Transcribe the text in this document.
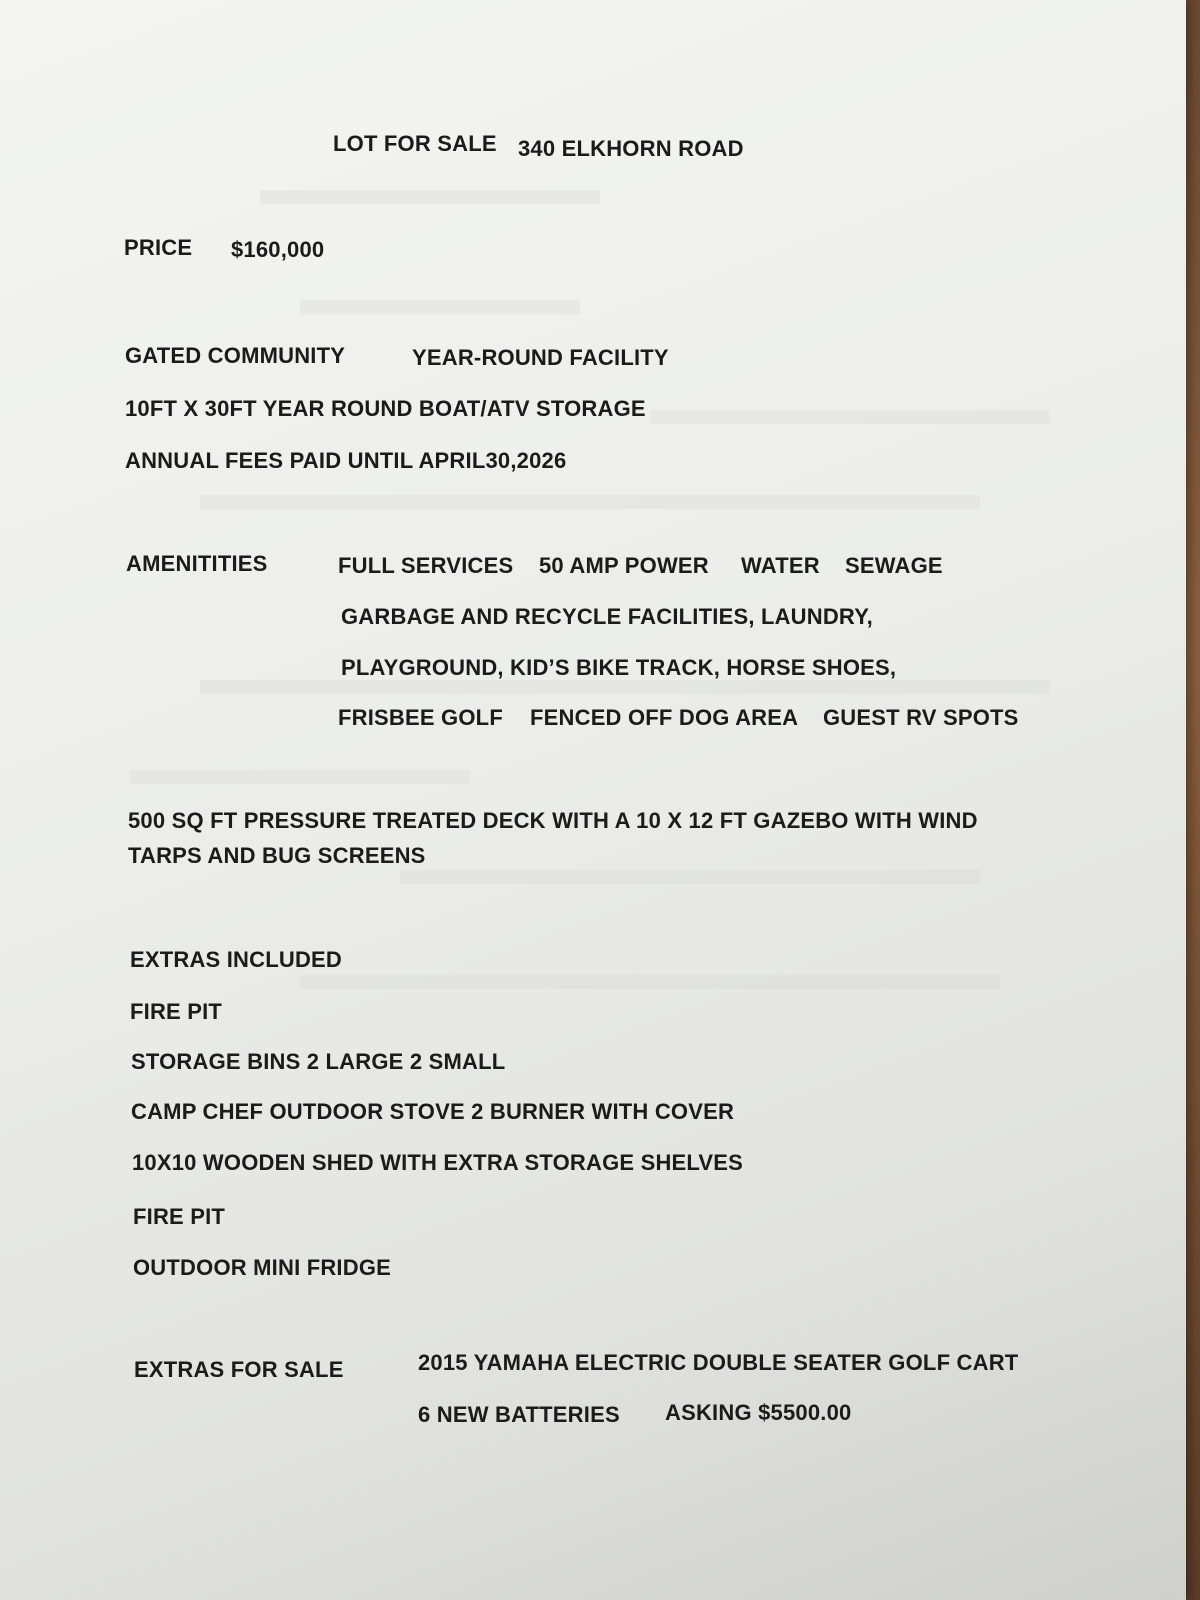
LOT FOR SALE 340 ELKHORN ROAD

PRICE $160,000

GATED COMMUNITY	YEAR-ROUND FACILITY

10FT X 30FT YEAR ROUND BOAT/ATV STORAGE

ANNUAL FEES PAID UNTIL APRIL30,2026

AMENITITIES	FULL SERVICES 50 AMP POWER WATER SEWAGE

GARBAGE AND RECYCLE FACILITIES, LAUNDRY,

PLAYGROUND, KID’S BIKE TRACK, HORSE SHOES,

FRISBEE GOLF FENCED OFF DOG AREA GUEST RV SPOTS

500 SQ FT PRESSURE TREATED DECK WITH A 10 X 12 FT GAZEBO WITH WIND

TARPS AND BUG SCREENS

EXTRAS INCLUDED

FIRE PIT

STORAGE BINS 2 LARGE 2 SMALL

CAMP CHEF OUTDOOR STOVE 2 BURNER WITH COVER

10X10 WOODEN SHED WITH EXTRA STORAGE SHELVES

FIRE PIT

OUTDOOR MINI FRIDGE

EXTRAS FOR SALE	2015 YAMAHA ELECTRIC DOUBLE SEATER GOLF CART

6 NEW BATTERIES ASKING $5500.00
